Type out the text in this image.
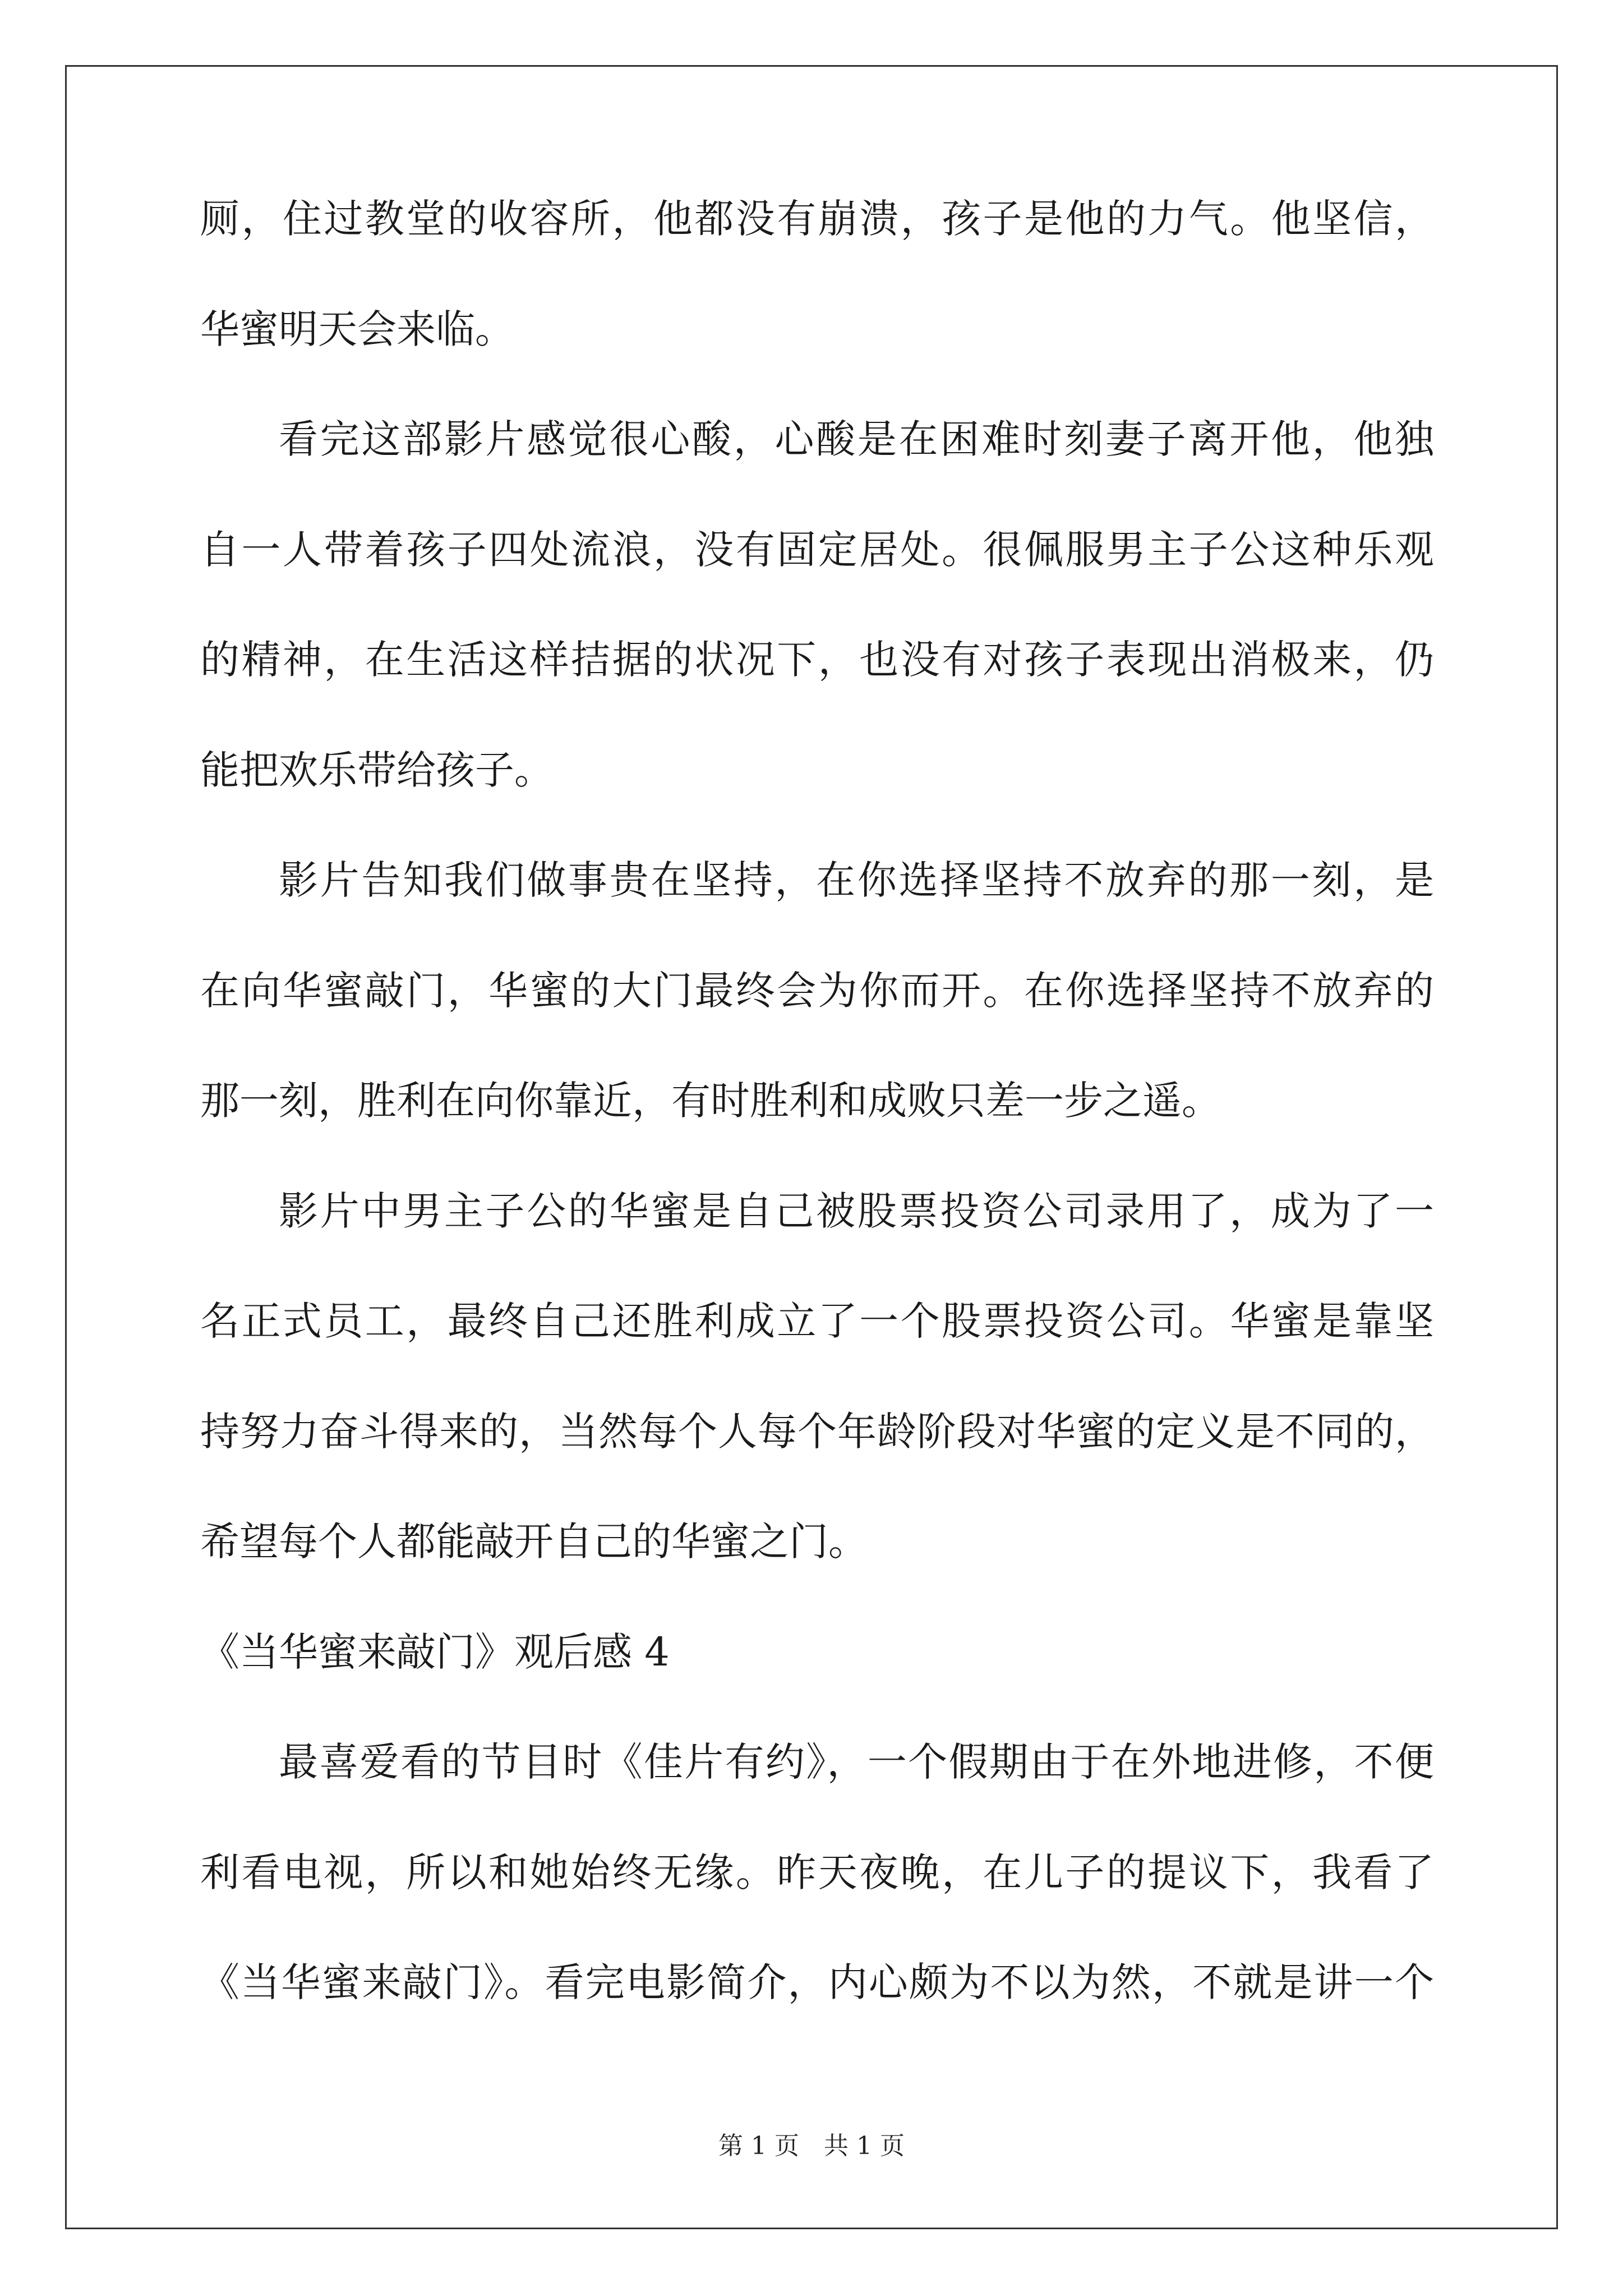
厕，住过教堂的收容所，他都没有崩溃，孩子是他的力气。他坚信，
华蜜明天会来临。
看完这部影片感觉很心酸，心酸是在困难时刻妻子离开他，他独
自一人带着孩子四处流浪，没有固定居处。很佩服男主子公这种乐观
的精神，在生活这样拮据的状况下，也没有对孩子表现出消极来，仍
能把欢乐带给孩子。
影片告知我们做事贵在坚持，在你选择坚持不放弃的那一刻，是
在向华蜜敲门，华蜜的大门最终会为你而开。在你选择坚持不放弃的
那一刻，胜利在向你靠近，有时胜利和成败只差一步之遥。
影片中男主子公的华蜜是自己被股票投资公司录用了，成为了一
名正式员工，最终自己还胜利成立了一个股票投资公司。华蜜是靠坚
持努力奋斗得来的，当然每个人每个年龄阶段对华蜜的定义是不同的，
希望每个人都能敲开自己的华蜜之门。
《当华蜜来敲门》观后感 4
最喜爱看的节目时《佳片有约》，一个假期由于在外地进修，不便
利看电视，所以和她始终无缘。昨天夜晚，在儿子的提议下，我看了
《当华蜜来敲门》。看完电影简介，内心颇为不以为然，不就是讲一个
第 1 页　共 1 页
